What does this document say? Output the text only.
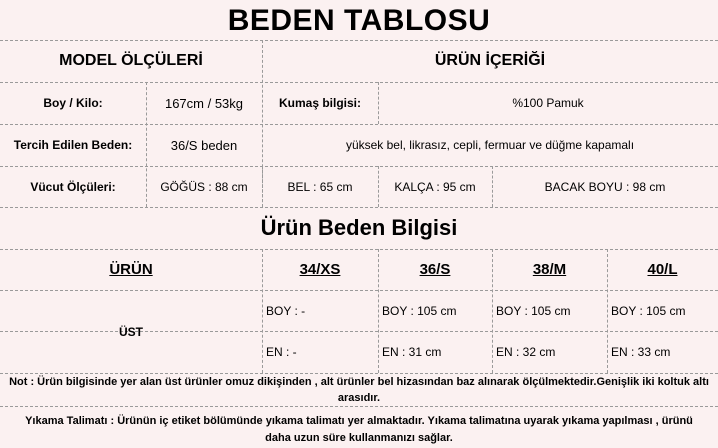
BEDEN TABLOSU
MODEL ÖLÇÜLERİ	ÜRÜN İÇERİĞİ
Boy / Kilo:	167cm / 53kg	Kumaş bilgisi:	%100 Pamuk
Tercih Edilen Beden:	36/S beden	yüksek bel, likrasız, cepli, fermuar ve düğme kapamalı
Vücut Ölçüleri:	GÖĞÜS : 88 cm	BEL : 65 cm	KALÇA : 95 cm	BACAK BOYU : 98 cm
Ürün Beden Bilgisi
ÜRÜN	34/XS	36/S	38/M	40/L
ÜST
BOY : -	BOY : 105 cm	BOY : 105 cm	BOY : 105 cm
EN : -	EN : 31 cm	EN : 32 cm	EN : 33 cm
Not : Ürün bilgisinde yer alan üst ürünler omuz dikişinden , alt ürünler bel hizasından baz alınarak ölçülmektedir.Genişlik iki koltuk altı
arasıdır.
Yıkama Talimatı : Ürünün iç etiket bölümünde yıkama talimatı yer almaktadır. Yıkama talimatına uyarak yıkama yapılması , ürünü
daha uzun süre kullanmanızı sağlar.
